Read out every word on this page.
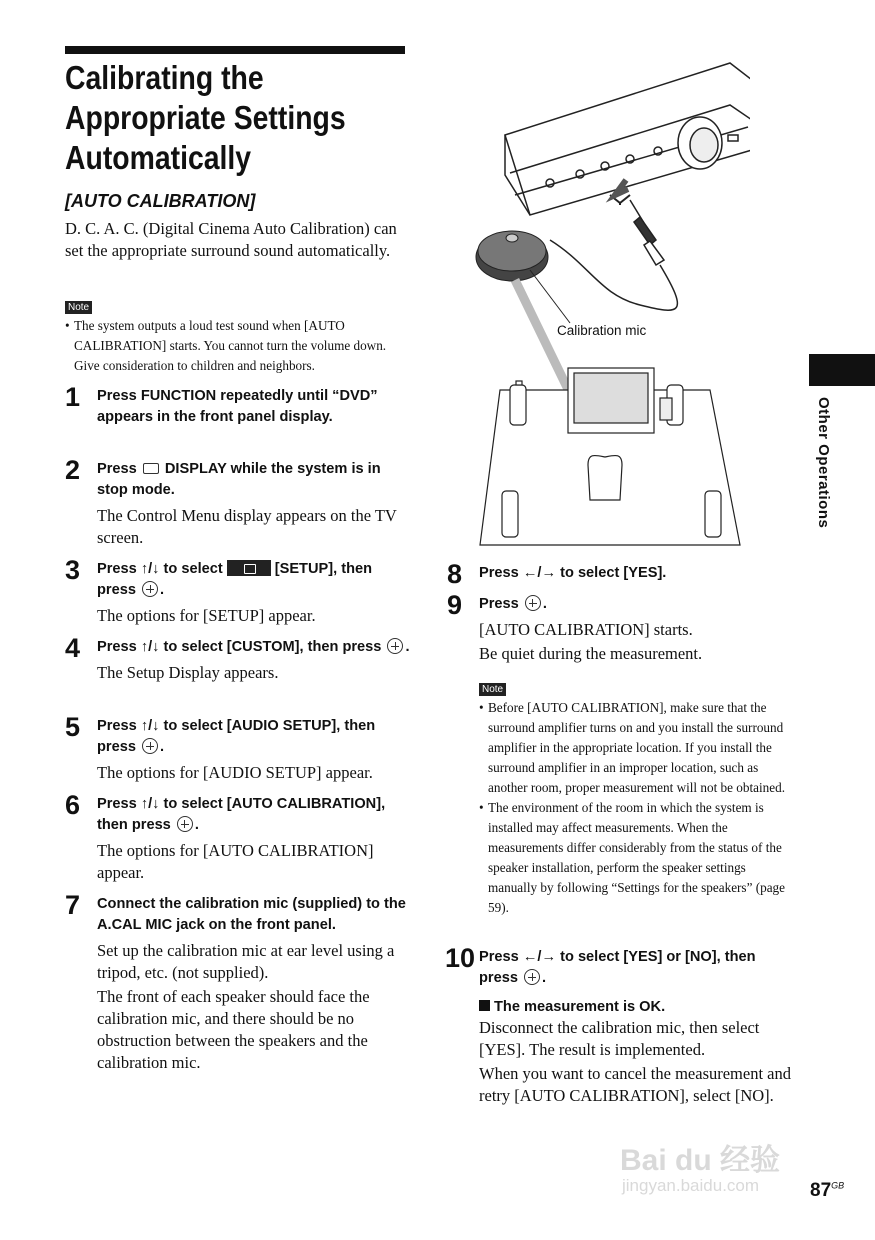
Calibrating the
Appropriate Settings
Automatically
[AUTO CALIBRATION]
D. C. A. C. (Digital Cinema Auto Calibration) can set the appropriate surround sound automatically.
Note
• The system outputs a loud test sound when [AUTO CALIBRATION] starts. You cannot turn the volume down. Give consideration to children and neighbors.
1 Press FUNCTION repeatedly until “DVD” appears in the front panel display.
2 Press DISPLAY while the system is in stop mode.

The Control Menu display appears on the TV screen.

3 Press ↑/↓ to select	[SETUP], then press .

The options for [SETUP] appear.

4 Press ↑/↓ to select [CUSTOM], then press .

The Setup Display appears.

5 Press ↑/↓ to select [AUDIO SETUP], then press .

The options for [AUDIO SETUP] appear.

6 Press ↑/↓ to select [AUTO CALIBRATION], then press .

The options for [AUTO CALIBRATION] appear.

7 Connect the calibration mic (supplied) to the A.CAL MIC jack on the front panel.

Set up the calibration mic at ear level using a tripod, etc. (not supplied).

The front of each speaker should face the calibration mic, and there should be no obstruction between the speakers and the calibration mic.

Calibration mic
Other Operations
8 Press ←/→ to select [YES].
9 Press .

[AUTO CALIBRATION] starts.

Be quiet during the measurement.

Note
• Before [AUTO CALIBRATION], make sure that the surround amplifier turns on and you install the surround amplifier in the appropriate location. If you install the surround amplifier in an improper location, such as another room, proper measurement will not be obtained.
• The environment of the room in which the system is installed may affect measurements. When the measurements differ considerably from the status of the speaker installation, perform the speaker settings manually by following “Settings for the speakers” (page 59).
10 Press ←/→ to select [YES] or [NO], then press .
The measurement is OK.

Disconnect the calibration mic, then select [YES]. The result is implemented.

When you want to cancel the measurement and retry [AUTO CALIBRATION], select [NO].

Bai du 经验
jingyan.baidu.com	$87^{GB}$
